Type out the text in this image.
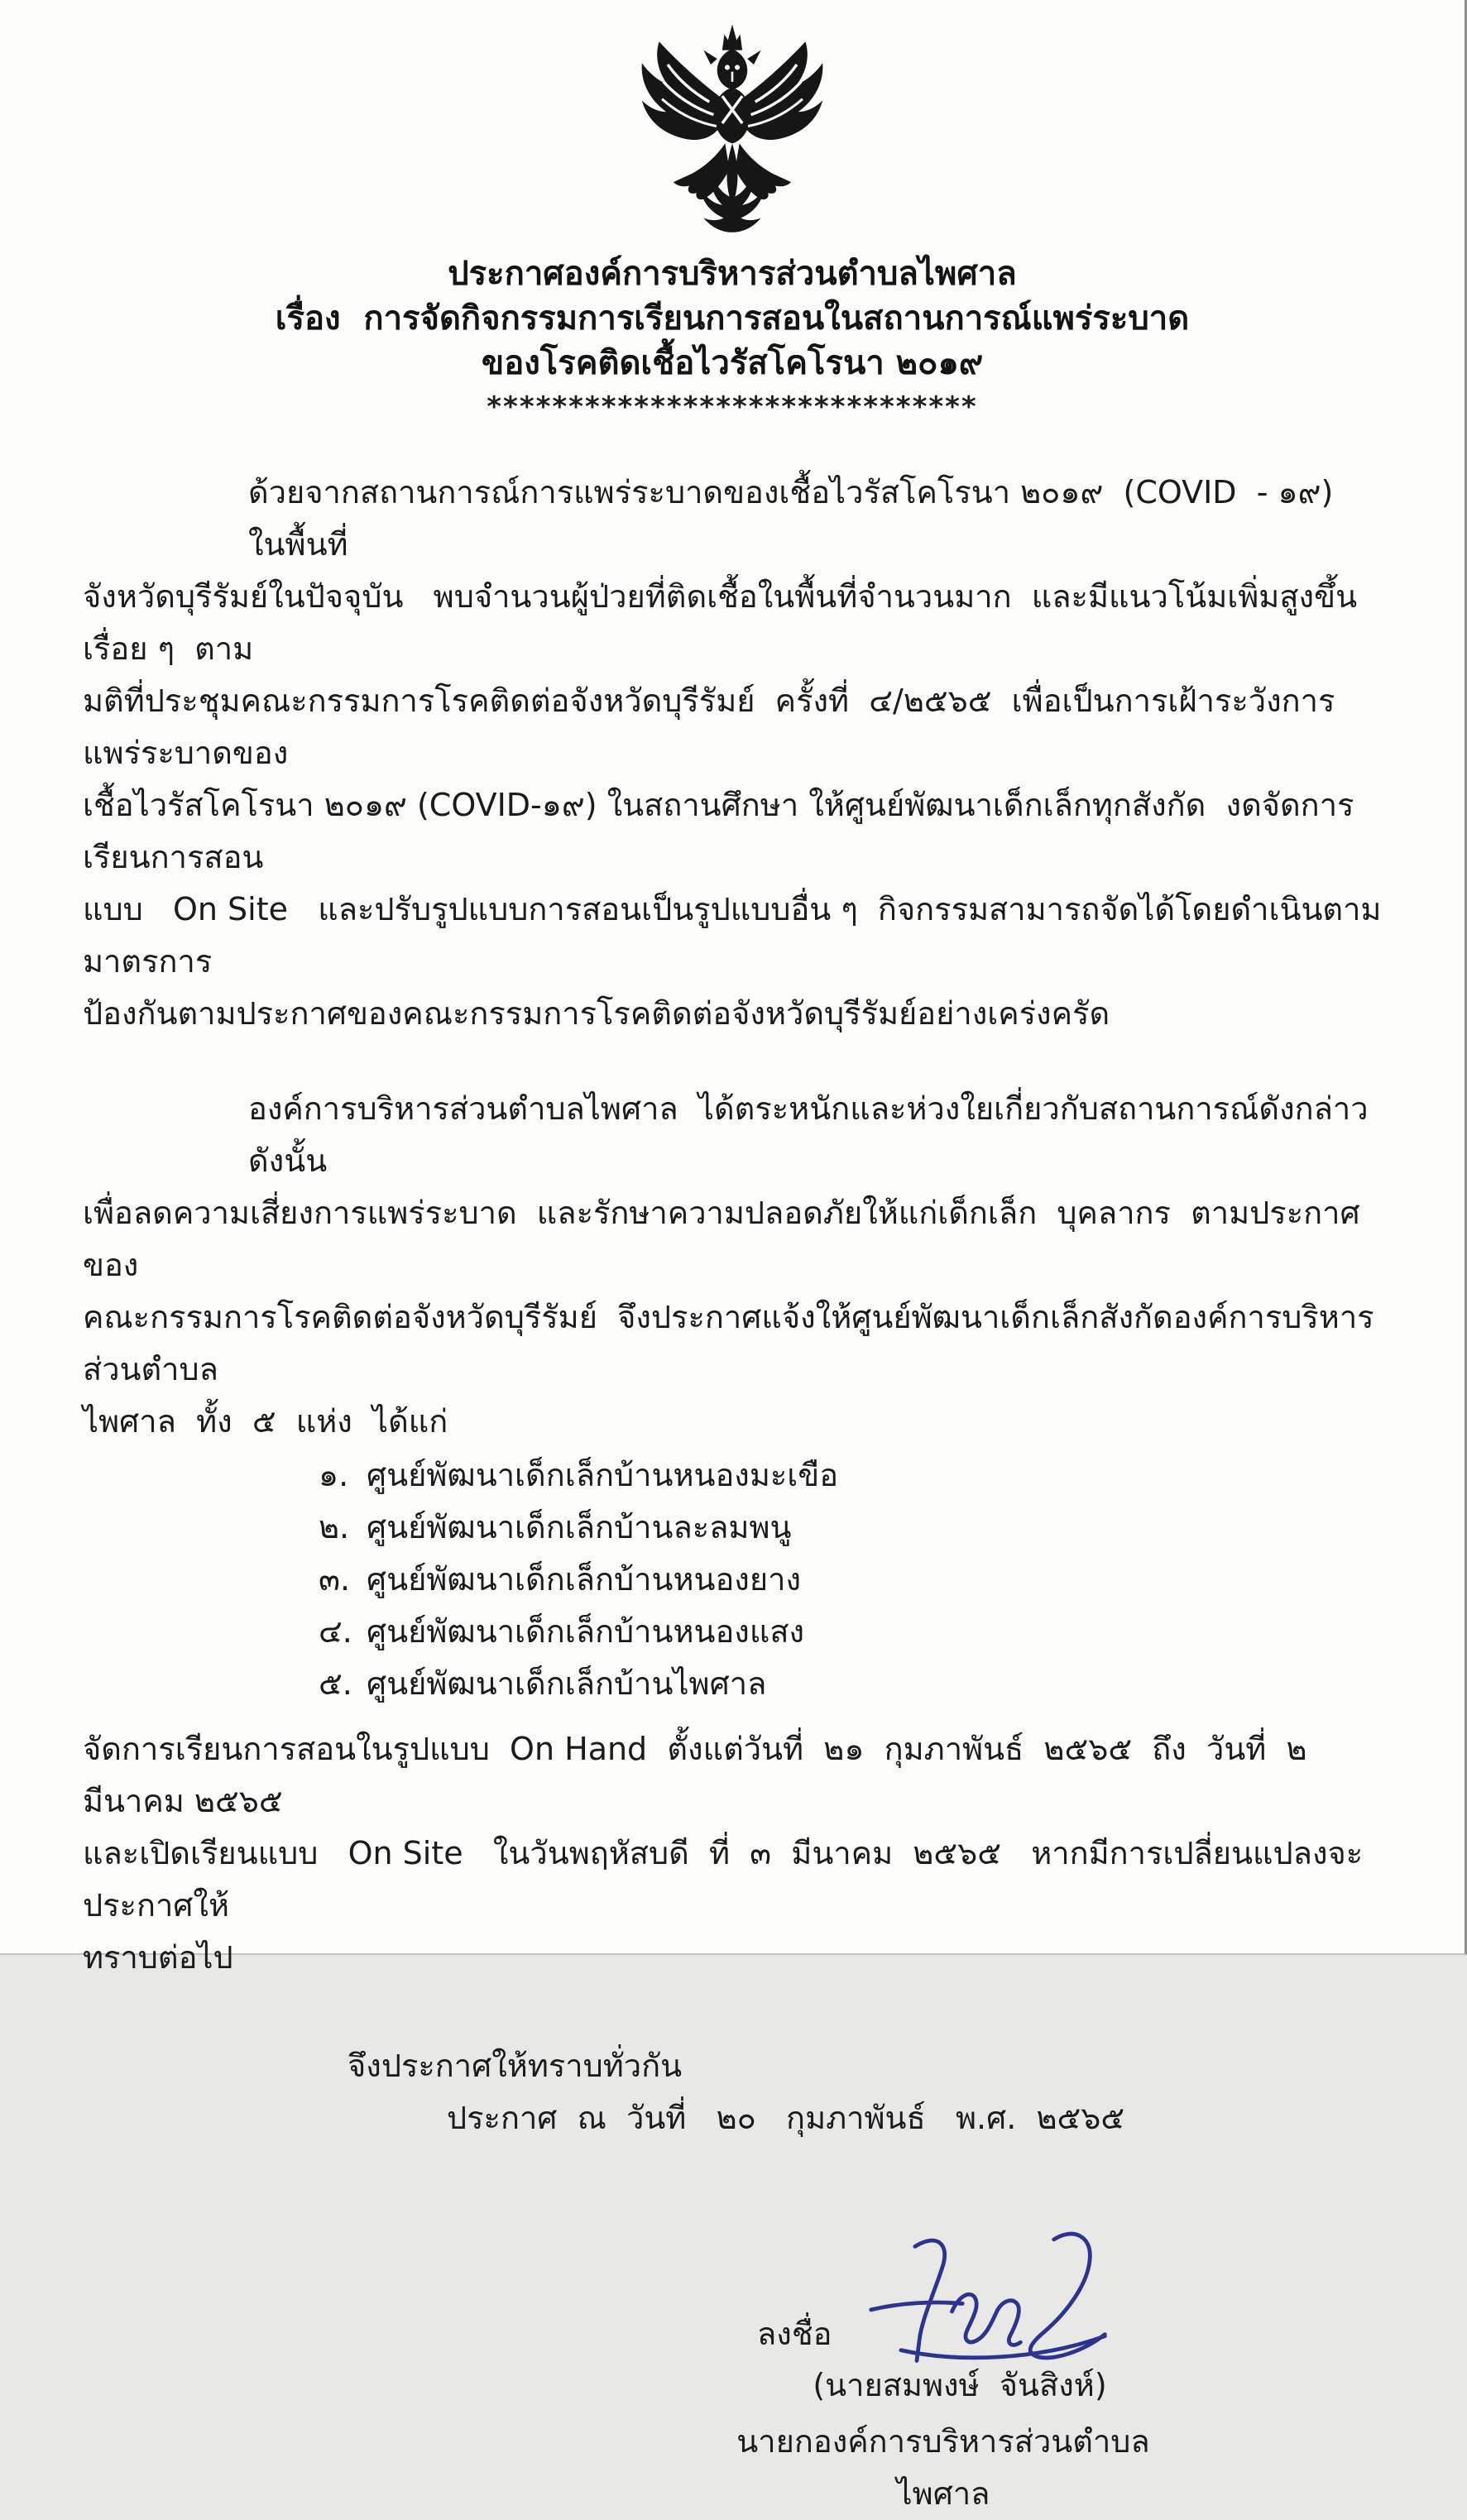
ประกาศองค์การบริหารส่วนตำบลไพศาล
เรื่อง  การจัดกิจกรรมการเรียนการสอนในสถานการณ์แพร่ระบาด
ของโรคติดเชื้อไวรัสโคโรนา ๒๐๑๙
******************************
ด้วยจากสถานการณ์การแพร่ระบาดของเชื้อไวรัสโคโรนา ๒๐๑๙  (COVID  - ๑๙)  ในพื้นที่
จังหวัดบุรีรัมย์ในปัจจุบัน   พบจำนวนผู้ป่วยที่ติดเชื้อในพื้นที่จำนวนมาก  และมีแนวโน้มเพิ่มสูงขึ้นเรื่อย ๆ  ตาม
มติที่ประชุมคณะกรรมการโรคติดต่อจังหวัดบุรีรัมย์  ครั้งที่  ๔/๒๕๖๕  เพื่อเป็นการเฝ้าระวังการแพร่ระบาดของ
เชื้อไวรัสโคโรนา ๒๐๑๙ (COVID-๑๙) ในสถานศึกษา ให้ศูนย์พัฒนาเด็กเล็กทุกสังกัด  งดจัดการเรียนการสอน
แบบ   On Site   และปรับรูปแบบการสอนเป็นรูปแบบอื่น ๆ  กิจกรรมสามารถจัดได้โดยดำเนินตามมาตรการ
ป้องกันตามประกาศของคณะกรรมการโรคติดต่อจังหวัดบุรีรัมย์อย่างเคร่งครัด
องค์การบริหารส่วนตำบลไพศาล  ได้ตระหนักและห่วงใยเกี่ยวกับสถานการณ์ดังกล่าว    ดังนั้น
เพื่อลดความเสี่ยงการแพร่ระบาด  และรักษาความปลอดภัยให้แก่เด็กเล็ก  บุคลากร  ตามประกาศของ
คณะกรรมการโรคติดต่อจังหวัดบุรีรัมย์  จึงประกาศแจ้งให้ศูนย์พัฒนาเด็กเล็กสังกัดองค์การบริหารส่วนตำบล
ไพศาล  ทั้ง  ๕  แห่ง  ได้แก่
๑. ศูนย์พัฒนาเด็กเล็กบ้านหนองมะเขือ
๒. ศูนย์พัฒนาเด็กเล็กบ้านละลมพนู
๓. ศูนย์พัฒนาเด็กเล็กบ้านหนองยาง
๔. ศูนย์พัฒนาเด็กเล็กบ้านหนองแสง
๕. ศูนย์พัฒนาเด็กเล็กบ้านไพศาล
จัดการเรียนการสอนในรูปแบบ  On Hand  ตั้งแต่วันที่  ๒๑  กุมภาพันธ์  ๒๕๖๕  ถึง  วันที่  ๒  มีนาคม ๒๕๖๕
และเปิดเรียนแบบ   On Site   ในวันพฤหัสบดี  ที่  ๓  มีนาคม  ๒๕๖๕   หากมีการเปลี่ยนแปลงจะประกาศให้
ทราบต่อไป
จึงประกาศให้ทราบทั่วกัน
ประกาศ  ณ  วันที่   ๒๐   กุมภาพันธ์   พ.ศ.  ๒๕๖๕
ลงชื่อ
(นายสมพงษ์  จันสิงห์)
นายกองค์การบริหารส่วนตำบลไพศาล
